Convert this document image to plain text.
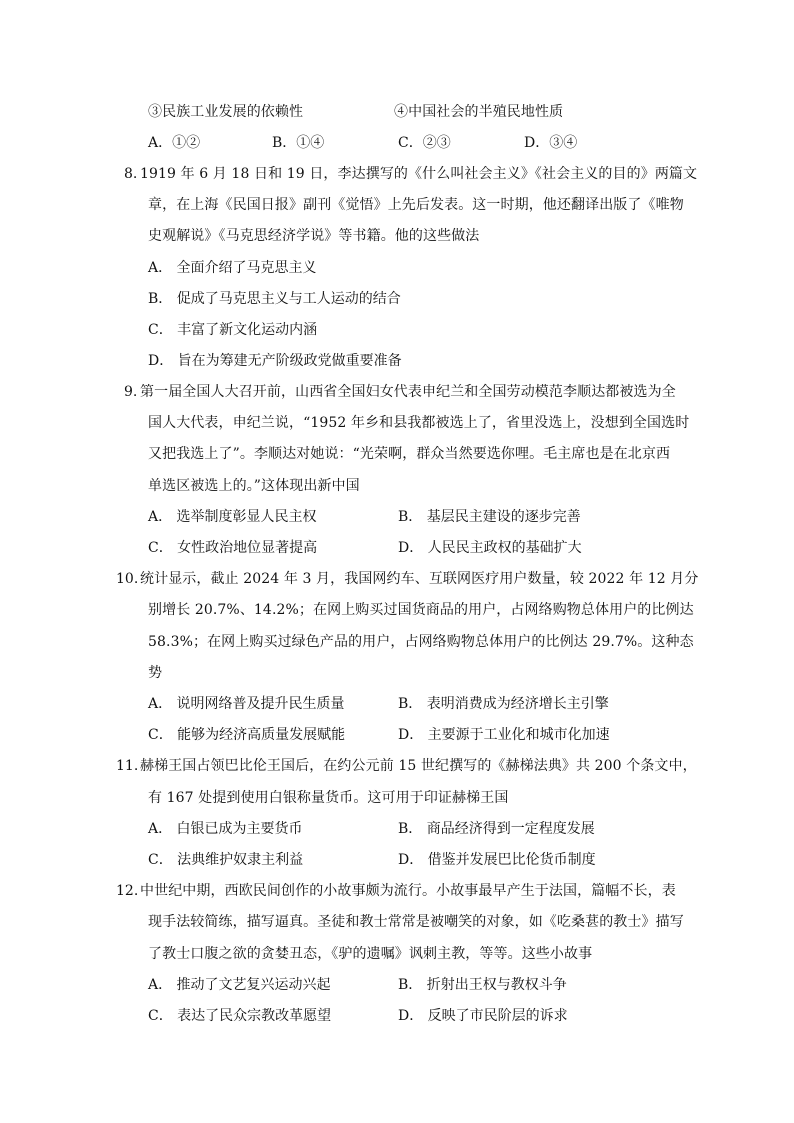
③民族工业发展的依赖性	④中国社会的半殖民地性质
A．①②	B．①④	C．②③	D．③④
8. 1919 年 6 月 18 日和 19 日，李达撰写的《什么叫社会主义》《社会主义的目的》两篇文
章，在上海《民国日报》副刊《觉悟》上先后发表。这一时期，他还翻译出版了《唯物
史观解说》《马克思经济学说》等书籍。他的这些做法
A． 全面介绍了马克思主义
B． 促成了马克思主义与工人运动的结合
C． 丰富了新文化运动内涵
D． 旨在为筹建无产阶级政党做重要准备
9. 第一届全国人大召开前，山西省全国妇女代表申纪兰和全国劳动模范李顺达都被选为全
国人大代表，申纪兰说，“1952 年乡和县我都被选上了，省里没选上，没想到全国选时
又把我选上了”。李顺达对她说：“光荣啊，群众当然要选你哩。毛主席也是在北京西
单选区被选上的。”这体现出新中国
A． 选举制度彰显人民主权	B． 基层民主建设的逐步完善
C． 女性政治地位显著提高	D． 人民民主政权的基础扩大
10. 统计显示，截止 2024 年 3 月，我国网约车、互联网医疗用户数量，较 2022 年 12 月分
别增长 20.7%、14.2%；在网上购买过国货商品的用户，占网络购物总体用户的比例达
58.3%；在网上购买过绿色产品的用户，占网络购物总体用户的比例达 29.7%。这种态
势
A． 说明网络普及提升民生质量	B． 表明消费成为经济增长主引擎
C． 能够为经济高质量发展赋能	D． 主要源于工业化和城市化加速
11. 赫梯王国占领巴比伦王国后，在约公元前 15 世纪撰写的《赫梯法典》共 200 个条文中，
有 167 处提到使用白银称量货币。这可用于印证赫梯王国
A． 白银已成为主要货币	B． 商品经济得到一定程度发展
C． 法典维护奴隶主利益	D． 借鉴并发展巴比伦货币制度
12. 中世纪中期，西欧民间创作的小故事颇为流行。小故事最早产生于法国，篇幅不长，表
现手法较简练，描写逼真。圣徒和教士常常是被嘲笑的对象，如《吃桑葚的教士》描写
了教士口腹之欲的贪婪丑态，《驴的遗嘱》讽刺主教，等等。这些小故事
A． 推动了文艺复兴运动兴起	B． 折射出王权与教权斗争
C． 表达了民众宗教改革愿望	D． 反映了市民阶层的诉求
